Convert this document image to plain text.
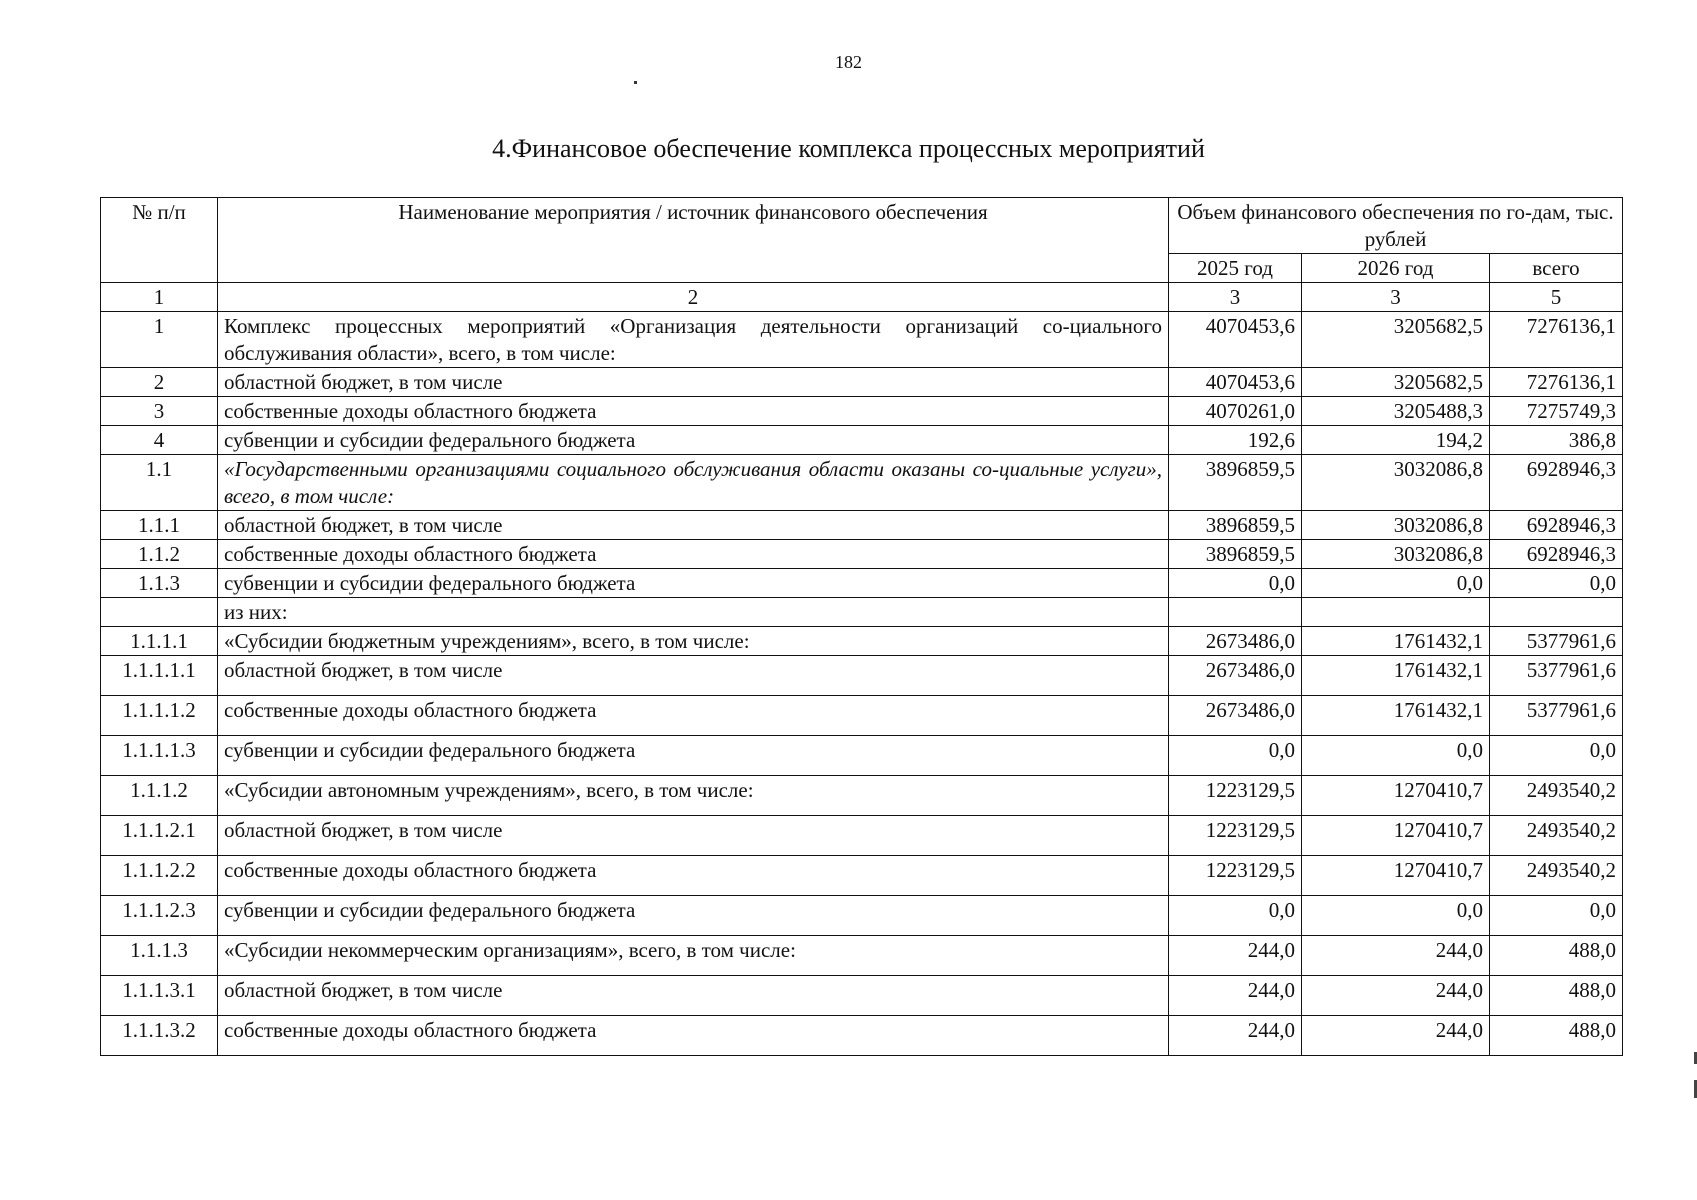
182
4.Финансовое обеспечение комплекса процессных мероприятий
№ п/п	Наименование мероприятия / источник финансового обеспечения	Объем финансового обеспечения по го-дам, тыс. рублей		
		2025 год	2026 год	всего
1	2	3	3	5
1	Комплекс процессных мероприятий «Организация деятельности организаций со-циального обслуживания области», всего, в том числе:	4070453,6	3205682,5	7276136,1
2	областной бюджет, в том числе	4070453,6	3205682,5	7276136,1
3	собственные доходы областного бюджета	4070261,0	3205488,3	7275749,3
4	субвенции и субсидии федерального бюджета	192,6	194,2	386,8
1.1	«Государственными организациями социального обслуживания области оказаны со-циальные услуги», всего, в том числе:	3896859,5	3032086,8	6928946,3
1.1.1	областной бюджет, в том числе	3896859,5	3032086,8	6928946,3
1.1.2	собственные доходы областного бюджета	3896859,5	3032086,8	6928946,3
1.1.3	субвенции и субсидии федерального бюджета	0,0	0,0	0,0
	из них:			
1.1.1.1	«Субсидии бюджетным учреждениям», всего, в том числе:	2673486,0	1761432,1	5377961,6
1.1.1.1.1	областной бюджет, в том числе	2673486,0	1761432,1	5377961,6
1.1.1.1.2	собственные доходы областного бюджета	2673486,0	1761432,1	5377961,6
1.1.1.1.3	субвенции и субсидии федерального бюджета	0,0	0,0	0,0
1.1.1.2	«Субсидии автономным учреждениям», всего, в том числе:	1223129,5	1270410,7	2493540,2
1.1.1.2.1	областной бюджет, в том числе	1223129,5	1270410,7	2493540,2
1.1.1.2.2	собственные доходы областного бюджета	1223129,5	1270410,7	2493540,2
1.1.1.2.3	субвенции и субсидии федерального бюджета	0,0	0,0	0,0
1.1.1.3	«Субсидии некоммерческим организациям», всего, в том числе:	244,0	244,0	488,0
1.1.1.3.1	областной бюджет, в том числе	244,0	244,0	488,0
1.1.1.3.2	собственные доходы областного бюджета	244,0	244,0	488,0
